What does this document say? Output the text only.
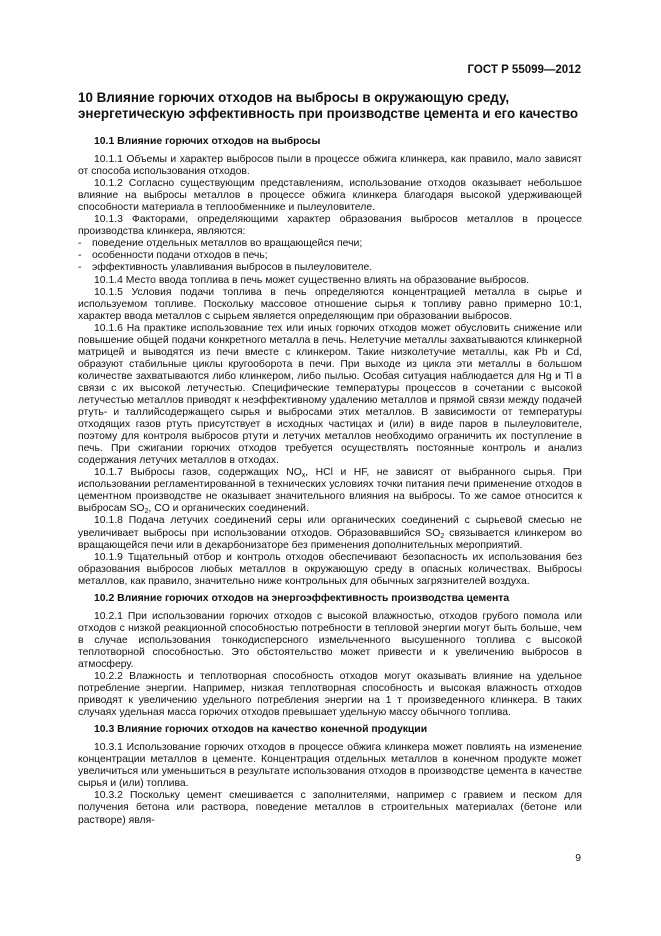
ГОСТ Р 55099—2012
10 Влияние горючих отходов на выбросы в окружающую среду, энергетическую эффективность при производстве цемента и его качество
10.1 Влияние горючих отходов на выбросы

10.1.1 Объемы и характер выбросов пыли в процессе обжига клинкера, как правило, мало зависят от способа использования отходов.

10.1.2 Согласно существующим представлениям, использование отходов оказывает небольшое влияние на выбросы металлов в процессе обжига клинкера благодаря высокой удерживающей способности материала в теплообменнике и пылеуловителе.

10.1.3 Факторами, определяющими характер образования выбросов металлов в процессе производства клинкера, являются:

- поведение отдельных металлов во вращающейся печи;
- особенности подачи отходов в печь;
- эффективность улавливания выбросов в пылеуловителе.

10.1.4 Место ввода топлива в печь может существенно влиять на образование выбросов.

10.1.5 Условия подачи топлива в печь определяются концентрацией металла в сырье и используемом топливе. Поскольку массовое отношение сырья к топливу равно примерно 10:1, характер ввода металлов с сырьем является определяющим при образовании выбросов.

10.1.6 На практике использование тех или иных горючих отходов может обусловить снижение или повышение общей подачи конкретного металла в печь. Нелетучие металлы захватываются клинкерной матрицей и выводятся из печи вместе с клинкером. Такие низколетучие металлы, как Pb и Cd, образуют стабильные циклы кругооборота в печи. При выходе из цикла эти металлы в большом количестве захватываются либо клинкером, либо пылью. Особая ситуация наблюдается для Hg и Tl в связи с их высокой летучестью. Специфические температуры процессов в сочетании с высокой летучестью металлов приводят к неэффективному удалению металлов и прямой связи между подачей ртуть- и таллийсодержащего сырья и выбросами этих металлов. В зависимости от температуры отходящих газов ртуть присутствует в исходных частицах и (или) в виде паров в пылеуловителе, поэтому для контроля выбросов ртути и летучих металлов необходимо ограничить их поступление в печь. При сжигании горючих отходов требуется осуществлять постоянные контроль и анализ содержания летучих металлов в отходах.

10.1.7 Выбросы газов, содержащих $NO_x$, HCl и HF, не зависят от выбранного сырья. При использовании регламентированной в технических условиях точки питания печи применение отходов в цементном производстве не оказывает значительного влияния на выбросы. То же самое относится к выбросам $SO_2$, CO и органических соединений.

10.1.8 Подача летучих соединений серы или органических соединений с сырьевой смесью не увеличивает выбросы при использовании отходов. Образовавшийся $SO_2$ связывается клинкером во вращающейся печи или в декарбонизаторе без применения дополнительных мероприятий.

10.1.9 Тщательный отбор и контроль отходов обеспечивают безопасность их использования без образования выбросов любых металлов в окружающую среду в опасных количествах. Выбросы металлов, как правило, значительно ниже контрольных для обычных загрязнителей воздуха.

10.2 Влияние горючих отходов на энергоэффективность производства цемента

10.2.1 При использовании горючих отходов с высокой влажностью, отходов грубого помола или отходов с низкой реакционной способностью потребности в тепловой энергии могут быть больше, чем в случае использования тонкодисперсного измельченного высушенного топлива с высокой теплотворной способностью. Это обстоятельство может привести и к увеличению выбросов в атмосферу.

10.2.2 Влажность и теплотворная способность отходов могут оказывать влияние на удельное потребление энергии. Например, низкая теплотворная способность и высокая влажность отходов приводят к увеличению удельного потребления энергии на 1 т произведенного клинкера. В таких случаях удельная масса горючих отходов превышает удельную массу обычного топлива.

10.3 Влияние горючих отходов на качество конечной продукции

10.3.1 Использование горючих отходов в процессе обжига клинкера может повлиять на изменение концентрации металлов в цементе. Концентрация отдельных металлов в конечном продукте может увеличиться или уменьшиться в результате использования отходов в производстве цемента в качестве сырья и (или) топлива.

10.3.2 Поскольку цемент смешивается с заполнителями, например с гравием и песком для получения бетона или раствора, поведение металлов в строительных материалах (бетоне или растворе) явля-

9
